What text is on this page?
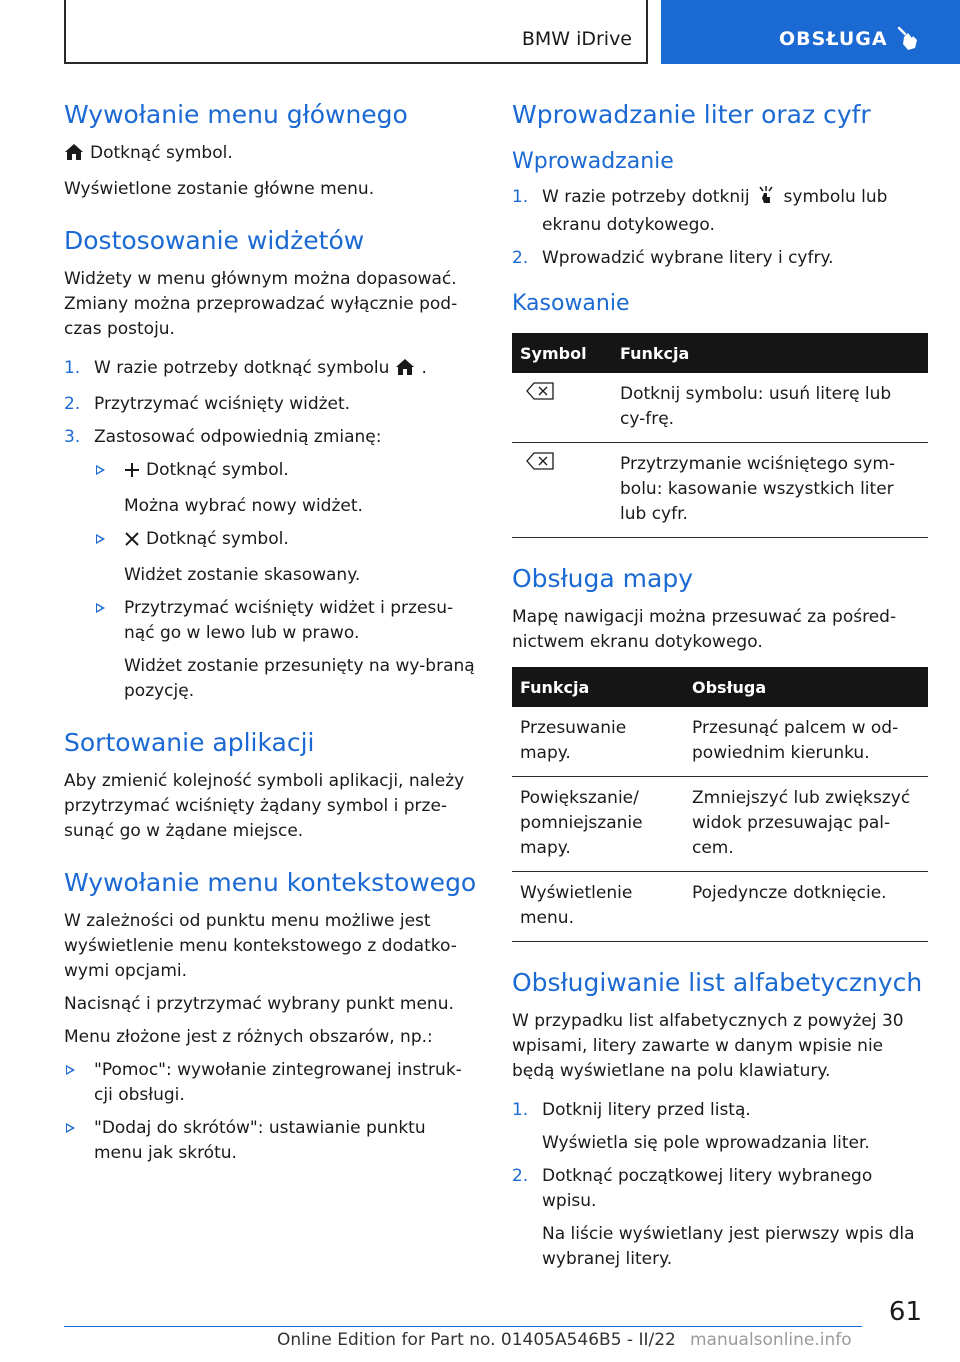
BMW iDrive	OBSŁUGA
Wywołanie menu głównego

Dotknąć symbol.

Wyświetlone zostanie główne menu.

Dostosowanie widżetów

Widżety w menu głównym można dopasować. Zmiany można przeprowadzać wyłącznie pod-czas postoju.

1. W razie potrzeby dotknąć symbolu .
2. Przytrzymać wciśnięty widżet.
3. Zastosować odpowiednią zmianę:
Dotknąć symbol.
Można wybrać nowy widżet.
Dotknąć symbol.
Widżet zostanie skasowany.
Przytrzymać wciśnięty widżet i przesu-nąć go w lewo lub w prawo.
Widżet zostanie przesunięty na wy-braną pozycję.
Sortowanie aplikacji

Aby zmienić kolejność symboli aplikacji, należy przytrzymać wciśnięty żądany symbol i prze-sunąć go w żądane miejsce.

Wywołanie menu kontekstowego

W zależności od punktu menu możliwe jest wyświetlenie menu kontekstowego z dodatko-wymi opcjami.

Nacisnąć i przytrzymać wybrany punkt menu.

Menu złożone jest z różnych obszarów, np.:

"Pomoc": wywołanie zintegrowanej instruk-cji obsługi.
"Dodaj do skrótów": ustawianie punktu menu jak skrótu.
Wprowadzanie liter oraz cyfr
Wprowadzanie
1. W razie potrzeby dotknij symbolu lub ekranu dotykowego.
2. Wprowadzić wybrane litery i cyfry.
Kasowanie
Symbol	Funkcja
	Dotknij symbolu: usuń literę lub cy-frę.
	Przytrzymanie wciśniętego sym-bolu: kasowanie wszystkich liter lub cyfr.
Obsługa mapy

Mapę nawigacji można przesuwać za pośred-nictwem ekranu dotykowego.

Funkcja	Obsługa
Przesuwanie mapy.	Przesunąć palcem w od-powiednim kierunku.
Powiększanie/ pomniejszanie mapy.	Zmniejszyć lub zwiększyć widok przesuwając pal-cem.
Wyświetlenie menu.	Pojedyncze dotknięcie.
Obsługiwanie list alfabetycznych

W przypadku list alfabetycznych z powyżej 30 wpisami, litery zawarte w danym wpisie nie będą wyświetlane na polu klawiatury.

1. Dotknij litery przed listą.
Wyświetla się pole wprowadzania liter.
2. Dotknąć początkowej litery wybranego wpisu.
Na liście wyświetlany jest pierwszy wpis dla wybranej litery.
61
Online Edition for Part no. 01405A546B5 - II/22 manualsonline.info
